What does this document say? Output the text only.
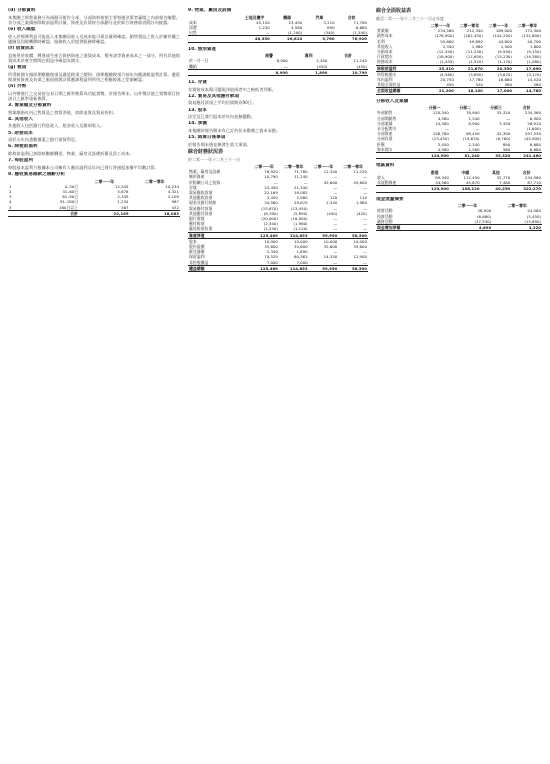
(d) 分部資料
本集團之經營業務分為兩個可報告分部，分部資料按照主要營運決策者審閱之內部報告編製。各分部之業績按除稅前溢利計量，資產及負債按分部劃分並於綜合財務報表附註內披露。
(e) 收入確認
收入於經濟利益可能流入本集團而收入及成本能可靠計量時確認。銷售貨品之收入於擁有權之風險及回報轉移時確認，服務收入於提供服務時確認。
(f) 借貸成本
直接用於收購、興建或生產合資格資產之借貸成本，撥充該等資產成本之一部分。所有其他借貸成本於產生期間在損益中確認為開支。
(g) 稅項
所得稅開支指即期應繳稅項及遞延稅項之總和。即期應繳稅項乃按年內應課稅溢利計算。遞延稅項按資產及負債之賬面值與計算應課稅溢利所用之相應稅基之差額確認。
(h) 外幣
以外幣進行之交易按交易日期之匯率換算為功能貨幣。於報告期末，以外幣計值之貨幣項目按該日之匯率重新換算。
3. 營業額及分部資料
營業額指年內已售貨品之發票淨值，扣除退貨及貿易折扣。
4. 其他收入
其他收入包括銀行利息收入、租金收入及雜項收入。
5. 財務成本
須於五年內悉數償還之銀行借貸利息。
6. 除稅前溢利
除稅前溢利已扣除核數師酬金、物業、廠房及設備折舊及員工成本。
7. 每股盈利
每股基本盈利乃根據本公司擁有人應佔溢利及年內已發行普通股加權平均數計算。
8. 應收貿易賬款之賬齡分析
		二零一一年	二零一零年
1	0–30日	12,345	10,234
2	31–60日	5,678	4,321
3	61–90日	2,345	2,109
4	91–180日	1,234	987
5	180日以上	567	432
	合計	22,169	18,083
9. 物業、廠房及設備
	土地及樓宇	機器	汽車	合計
成本	45,120	23,450	3,210	71,780
添置	1,230	4,560	890	6,680
出售	—	(1,200)	(340)	(1,540)
	46,350	26,810	3,760	76,920
10. 無形資產
	商譽	專利	合計
於一月一日	8,900	2,340	11,240
攤銷	—	(450)	(450)
	8,900	1,890	10,790
11. 存貨
存貨按成本與可變現淨值兩者中之較低者列賬。
12. 貿易及其他應付款項
貿易應付款項之平均信貸期為90日。
13. 股本
法定及已發行股本於年內並無變動。
14. 承擔
本集團於報告期末有已訂約但未撥備之資本承擔。
15. 結算日後事項
於報告期末後並無發生重大事項。
綜合財務狀況表
於二零一一年十二月三十一日
	二零一一年	二零一零年	二零一一年	二零一零年
物業、廠房及設備	76,920	71,780	12,340	11,230
無形資產	10,790	11,240	—	—
於附屬公司之投資	—	—	45,600	45,600
存貨	23,450	21,340	—	—
貿易應收款項	22,169	18,083	—	—
其他應收款項	3,450	2,980	120	110
現金及銀行結餘	34,560	29,870	2,340	1,980
貿易應付款項	(15,670)	(13,450)	—	—
其他應付款項	(6,780)	(5,890)	(450)	(420)
銀行借貸	(20,000)	(18,000)	—	—
應付稅項	(2,340)	(1,980)	—	—
遞延稅項負債	(1,230)	(1,120)	—	—
資產淨值	125,469	114,853	59,950	58,500
股本	10,000	10,000	10,000	10,000
股份溢價	35,600	35,600	35,600	35,600
匯兌儲備	2,340	1,890	—	—
保留溢利	70,529	60,363	14,350	12,900
非控股權益	7,000	7,000	—	—
權益總額	125,469	114,853	59,950	58,500
綜合全面收益表
截至二零一一年十二月三十一日止年度
	二零一一年	二零一零年	二零一一年	二零一零年
營業額	234,560	212,340	189,000	172,300
銷售成本	(178,900)	(162,450)	(144,200)	(131,600)
毛利	55,660	49,890	44,800	40,700
其他收入	2,340	1,980	1,900	1,600
分銷成本	(12,340)	(11,230)	(9,950)	(9,150)
行政開支	(18,900)	(17,650)	(15,230)	(14,380)
財務成本	(1,450)	(1,320)	(1,170)	(1,080)
除稅前溢利	25,310	21,670	20,350	17,690
所得稅開支	(4,560)	(3,890)	(3,670)	(3,170)
年內溢利	20,750	17,780	16,680	14,520
其他全面收益	450	320	360	260
全面收益總額	21,200	18,100	17,040	14,780
分部收入及業績
	分部一	分部二	分部三	合計
外部銷售	120,340	78,900	35,320	234,560
分部間銷售	4,560	2,340	—	6,900
分部業績	14,560	8,900	3,450	26,910
未分配開支	—	—	—	(1,600)
分部資產	156,780	98,450	42,300	297,530
分部負債	(23,450)	(15,670)	(6,780)	(45,900)
折舊	3,450	2,340	890	6,680
資本開支	4,560	1,560	560	6,680
	124,900	81,240	35,320	241,460
地區資料
	香港	中國	其他	合計
收入	89,340	112,450	32,770	234,560
非流動資產	34,560	45,670	7,480	87,710
	123,900	158,120	40,250	322,270
現金流量摘要
	二零一一年	二零一零年
經營活動	28,900	24,560
投資活動	(6,680)	(5,450)
融資活動	(17,530)	(15,890)
現金增加淨額	4,690	3,220
